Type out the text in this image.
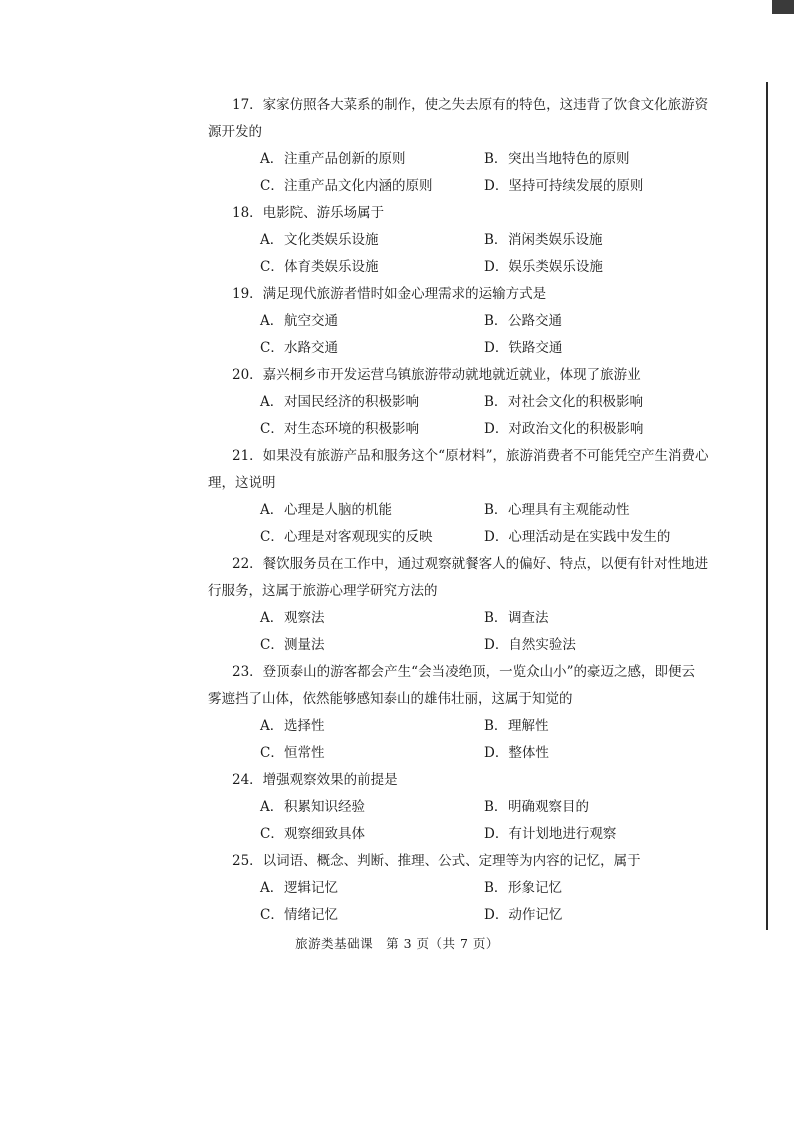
17．家家仿照各大菜系的制作，使之失去原有的特色，这违背了饮食文化旅游资

源开发的

A．注重产品创新的原则	B．突出当地特色的原则
C．注重产品文化内涵的原则	D．坚持可持续发展的原则

18．电影院、游乐场属于

A．文化类娱乐设施	B．消闲类娱乐设施
C．体育类娱乐设施	D．娱乐类娱乐设施

19．满足现代旅游者惜时如金心理需求的运输方式是

A．航空交通	B．公路交通
C．水路交通	D．铁路交通

20．嘉兴桐乡市开发运营乌镇旅游带动就地就近就业，体现了旅游业

A．对国民经济的积极影响	B．对社会文化的积极影响
C．对生态环境的积极影响	D．对政治文化的积极影响

21．如果没有旅游产品和服务这个“原材料”，旅游消费者不可能凭空产生消费心

理，这说明

A．心理是人脑的机能	B．心理具有主观能动性
C．心理是对客观现实的反映	D．心理活动是在实践中发生的

22．餐饮服务员在工作中，通过观察就餐客人的偏好、特点，以便有针对性地进

行服务，这属于旅游心理学研究方法的

A．观察法	B．调查法
C．测量法	D．自然实验法

23．登顶泰山的游客都会产生“会当凌绝顶，一览众山小”的豪迈之感，即便云

雾遮挡了山体，依然能够感知泰山的雄伟壮丽，这属于知觉的

A．选择性	B．理解性
C．恒常性	D．整体性

24．增强观察效果的前提是

A．积累知识经验	B．明确观察目的
C．观察细致具体	D．有计划地进行观察

25．以词语、概念、判断、推理、公式、定理等为内容的记忆，属于

A．逻辑记忆	B．形象记忆
C．情绪记忆	D．动作记忆
旅游类基础课　第 3 页（共 7 页）
